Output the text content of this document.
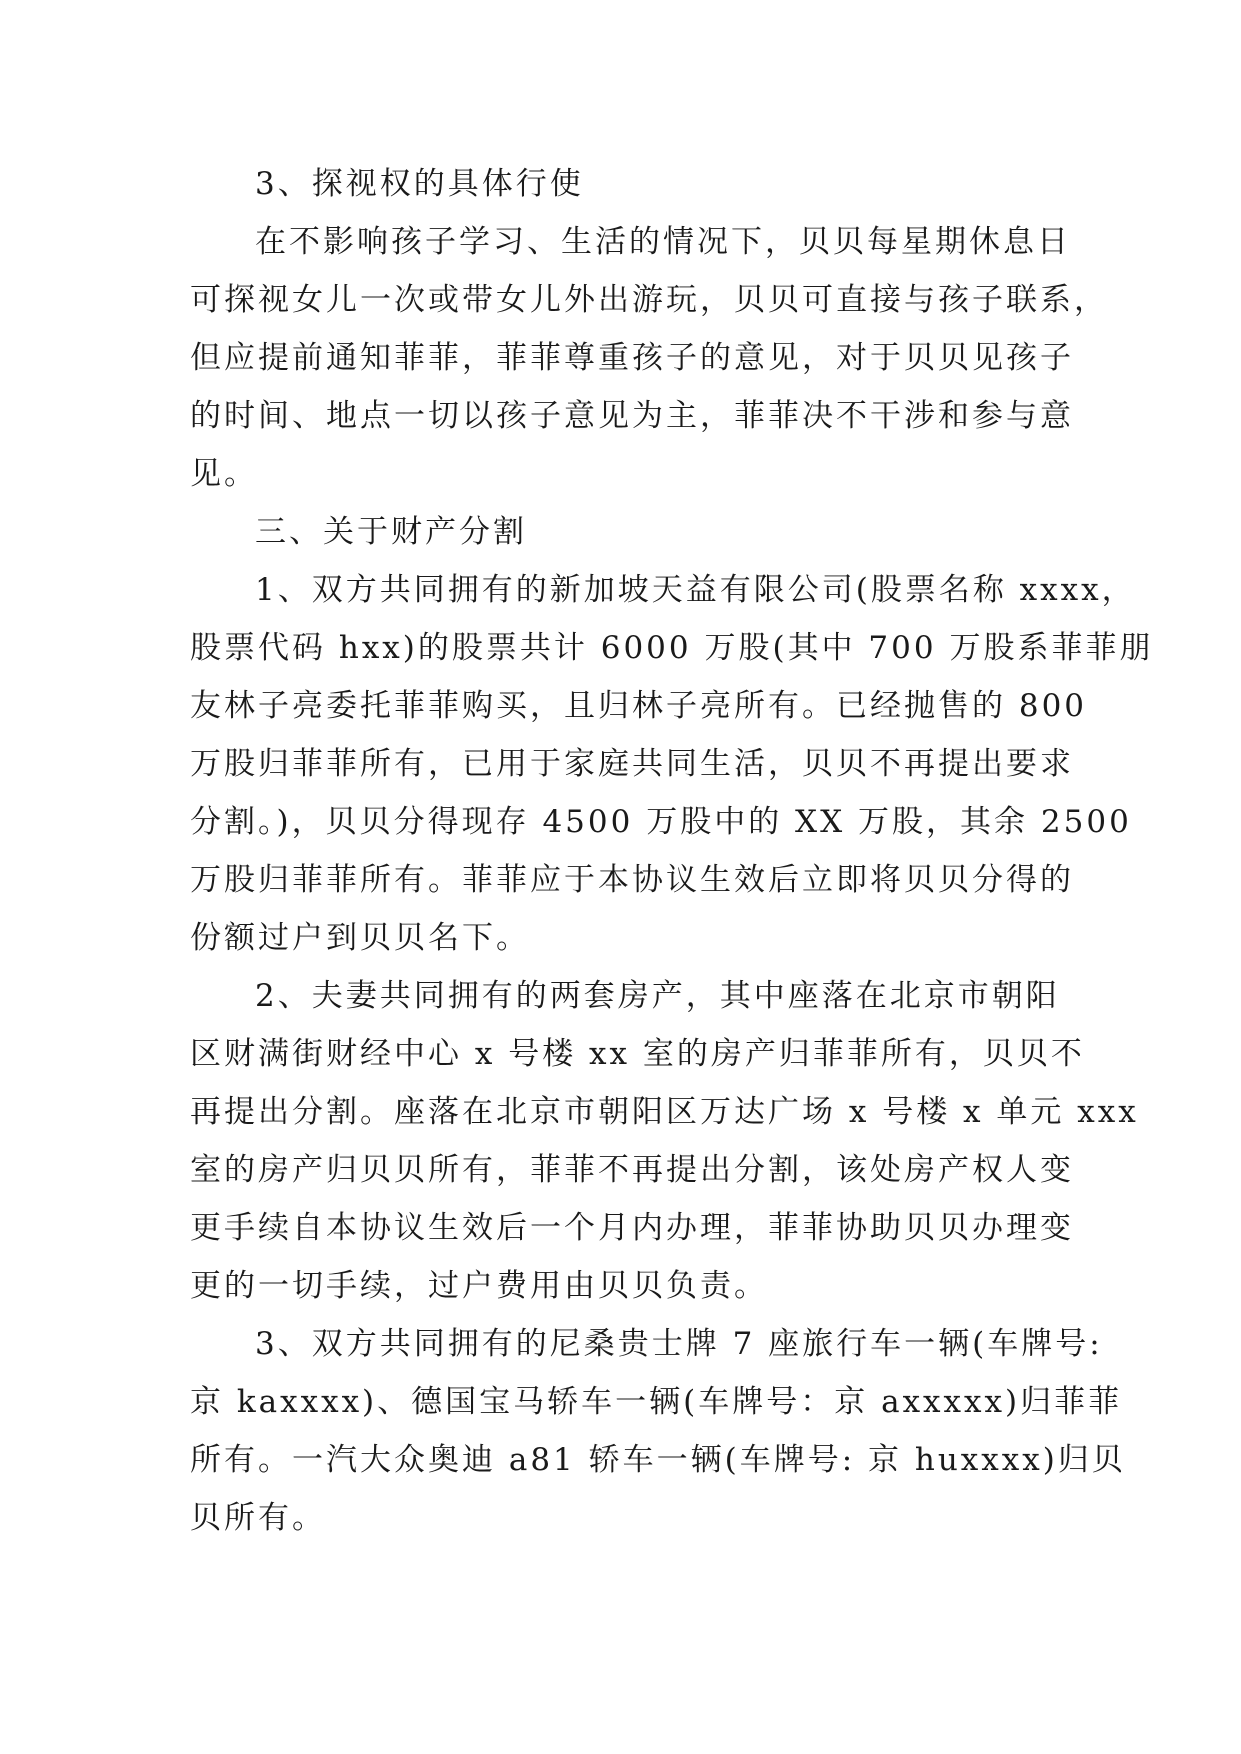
3、探视权的具体行使
在不影响孩子学习、生活的情况下，贝贝每星期休息日
可探视女儿一次或带女儿外出游玩，贝贝可直接与孩子联系，
但应提前通知菲菲，菲菲尊重孩子的意见，对于贝贝见孩子
的时间、地点一切以孩子意见为主，菲菲决不干涉和参与意
见。
三、关于财产分割
1、双方共同拥有的新加坡天益有限公司(股票名称 xxxx，
股票代码 hxx)的股票共计 6000 万股(其中 700 万股系菲菲朋
友林子亮委托菲菲购买，且归林子亮所有。已经抛售的 800
万股归菲菲所有，已用于家庭共同生活，贝贝不再提出要求
分割。)，贝贝分得现存 4500 万股中的 XX 万股，其余 2500
万股归菲菲所有。菲菲应于本协议生效后立即将贝贝分得的
份额过户到贝贝名下。
2、夫妻共同拥有的两套房产，其中座落在北京市朝阳
区财满街财经中心 x 号楼 xx 室的房产归菲菲所有，贝贝不
再提出分割。座落在北京市朝阳区万达广场 x 号楼 x 单元 xxx
室的房产归贝贝所有，菲菲不再提出分割，该处房产权人变
更手续自本协议生效后一个月内办理，菲菲协助贝贝办理变
更的一切手续，过户费用由贝贝负责。
3、双方共同拥有的尼桑贵士牌 7 座旅行车一辆(车牌号:
京 kaxxxx)、德国宝马轿车一辆(车牌号：京 axxxxx)归菲菲
所有。一汽大众奥迪 a81 轿车一辆(车牌号: 京 huxxxx)归贝
贝所有。
